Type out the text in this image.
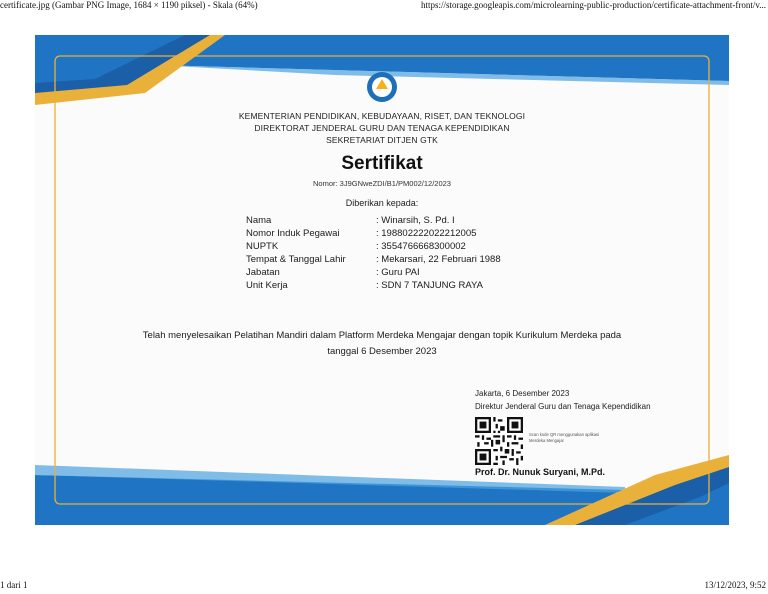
certificate.jpg (Gambar PNG Image, 1684 × 1190 piksel) - Skala (64%)	https://storage.googleapis.com/microlearning-public-production/certificate-attachment-front/v...
KEMENTERIAN PENDIDIKAN, KEBUDAYAAN, RISET, DAN TEKNOLOGI
DIREKTORAT JENDERAL GURU DAN TENAGA KEPENDIDIKAN
SEKRETARIAT DITJEN GTK
Sertifikat
Nomor: 3J9GNweZDI/B1/PM002/12/2023
Diberikan kepada:
Nama	: Winarsih, S. Pd. I
Nomor Induk Pegawai	: 198802222022212005
NUPTK	: 3554766668300002
Tempat & Tanggal Lahir	: Mekarsari, 22 Februari 1988
Jabatan	: Guru PAI
Unit Kerja	: SDN 7 TANJUNG RAYA
Telah menyelesaikan Pelatihan Mandiri dalam Platform Merdeka Mengajar dengan topik Kurikulum Merdeka pada
tanggal 6 Desember 2023
Jakarta, 6 Desember 2023
Direktur Jenderal Guru dan Tenaga Kependidikan
Scan kode QR menggunakan aplikasi Merdeka Mengajar
Prof. Dr. Nunuk Suryani, M.Pd.
1 dari 1	13/12/2023, 9:52
